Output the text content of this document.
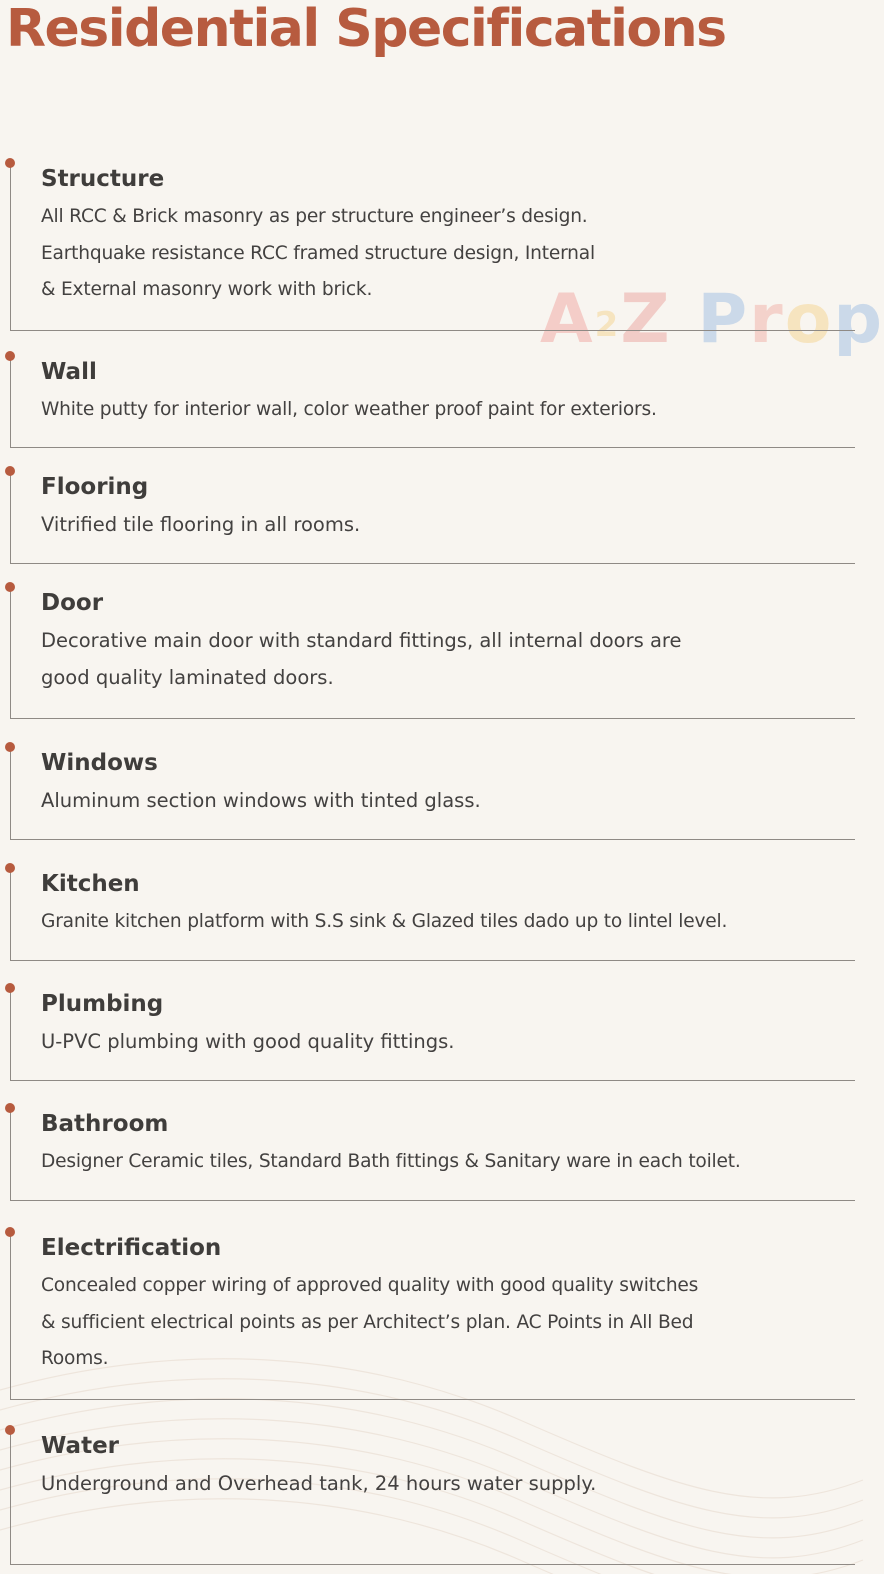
Residential Specifications
A2Z Prop
Structure
All RCC & Brick masonry as per structure engineer’s design.
Earthquake resistance RCC framed structure design, Internal
& External masonry work with brick.
Wall
White putty for interior wall, color weather proof paint for exteriors.
Flooring
Vitrified tile flooring in all rooms.
Door
Decorative main door with standard fittings, all internal doors are
good quality laminated doors.
Windows
Aluminum section windows with tinted glass.
Kitchen
Granite kitchen platform with S.S sink & Glazed tiles dado up to lintel level.
Plumbing
U-PVC plumbing with good quality fittings.
Bathroom
Designer Ceramic tiles, Standard Bath fittings & Sanitary ware in each toilet.
Electrification
Concealed copper wiring of approved quality with good quality switches
& sufficient electrical points as per Architect’s plan. AC Points in All Bed
Rooms.
Water
Underground and Overhead tank, 24 hours water supply.
